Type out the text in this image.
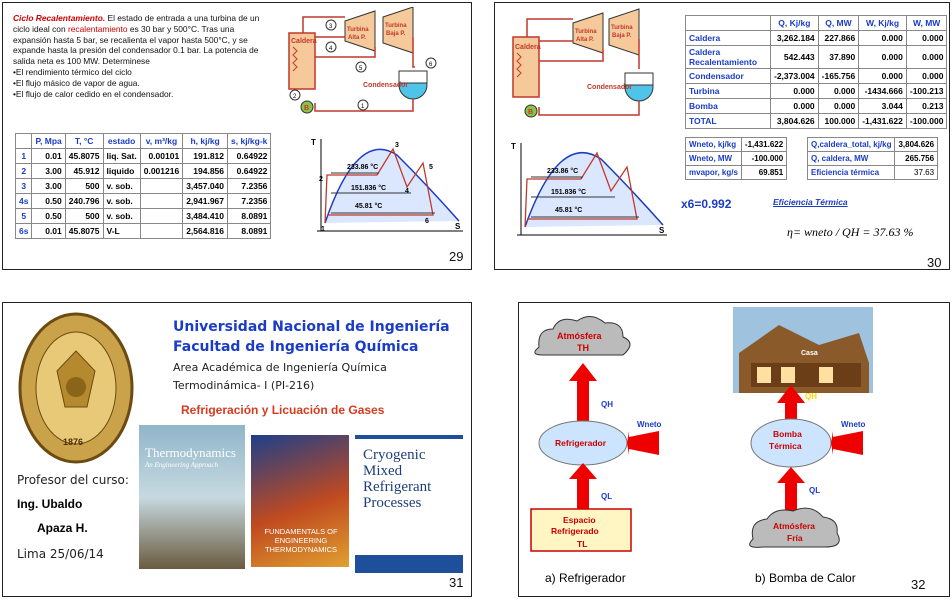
Ciclo Recalentamiento. El estado de entrada a una turbina de un ciclo ideal con recalentamiento es 30 bar y 500°C. Tras una expansión hasta 5 bar, se recalienta el vapor hasta 500°C, y se expande hasta la presión del condensador 0.1 bar. La potencia de salida neta es 100 MW. Determinese
•El rendimiento térmico del ciclo
•El flujo másico de vapor de agua.
•El flujo de calor cedido en el condensador.
Caldera
Turbina
Alta P.
Turbina
Baja P.
B
Condensador
3
4
5
6
1
2
	P, Mpa	T, °C	estado	v, m³/kg	h, kj/kg	s, kj/kg-k
1	0.01	45.8075	liq. Sat.	0.00101	191.812	0.64922
2	3.00	45.912	liquido	0.001216	194.856	0.64922
3	3.00	500	v. sob.		3,457.040	7.2356
4s	0.50	240.796	v. sob.		2,941.967	7.2356
5	0.50	500	v. sob.		3,484.410	8.0891
6s	0.01	45.8075	V-L		2,564.816	8.0891
T
S
233.86 °C
151.836 °C
45.81 °C
1
2
3
4
5
6
29
Caldera
Turbina
Alta P.
Turbina
Baja P.
B
Condensador
	Q, Kj/kg	Q, MW	W, Kj/kg	W, MW
Caldera	3,262.184	227.866	0.000	0.000
Caldera Recalentamiento	542.443	37.890	0.000	0.000
Condensador	-2,373.004	-165.756	0.000	0.000
Turbina	0.000	0.000	-1434.666	-100.213
Bomba	0.000	0.000	3.044	0.213
TOTAL	3,804.626	100.000	-1,431.622	-100.000
Wneto, kj/kg	-1,431.622
Wneto, MW	-100.000
mvapor, kg/s	69.851
Q,caldera_total, kj/kg	3,804.626
Q, caldera, MW	265.756
Eficiencia térmica	37.63
x6=0.992	Eficiencia Térmica
η= wneto / QH = 37.63 %
T
S
233.86 °C
151.836 °C
45.81 °C
30
1876
Universidad Nacional de Ingeniería
Facultad de Ingeniería Química
Area Académica de Ingeniería Química
Termodinámica- I (PI-216)
Refrigeración y Licuación de Gases
Thermodynamics
An Engineering Approach
FUNDAMENTALS OF ENGINEERING THERMODYNAMICS
Cryogenic Mixed Refrigerant Processes
Profesor del curso:
Ing. Ubaldo
Apaza H.
Lima 25/06/14
31
Atmósfera
TH
QH
Refrigerador
Wneto
QL
Espacio
Refrigerado
TL
Casa
QH
Bomba
Térmica
Wneto
QL
Atmósfera
Fría
a) Refrigerador	b) Bomba de Calor	32
